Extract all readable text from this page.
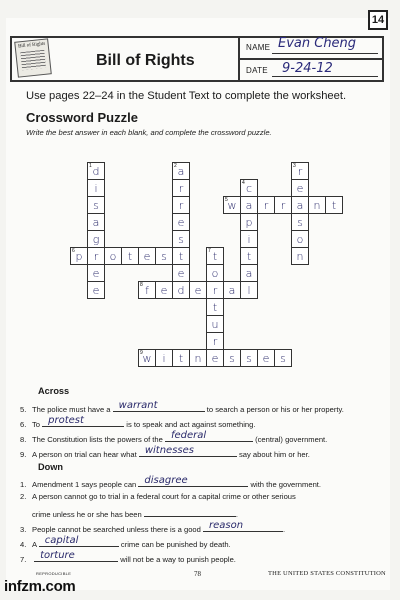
14
Bill of Rights
Bill of Rights
NAME Evan Cheng
DATE 9-24-12
Use pages 22–24 in the Student Text to complete the worksheet.
Crossword Puzzle
Write the best answer in each blank, and complete the crossword puzzle.
1 d
i
s
a
g
r
e
e
2 a
r
r
e
s
t
e
d
3 r
e
a
s
o
n
4 c
a
p
i
t
a
l
5 w	r	r	n	t
6 p	o	t	e s	7 t
o
r
t
u
r
e
8 f	e	e	a
9 w i	t	n	s	s e s
Across
5. The police must have a warrant	to search a person or his or her property.
6. To protest	is to speak and act against something.
8. The Constitution lists the powers of the federal	(central) government.
9. A person on trial can hear what witnesses	say about him or her.
Down
1. Amendment 1 says people can disagree	with the government.
2. A person cannot go to trial in a federal court for a capital crime or other serious
crime unless he or she has been	.
3. People cannot be searched unless there is a good reason	.
4. A capital	crime can be punished by death.
7. torture	will not be a way to punish people.
REPRODUCIBLE	78	THE UNITED STATES CONSTITUTION
infzm.com
